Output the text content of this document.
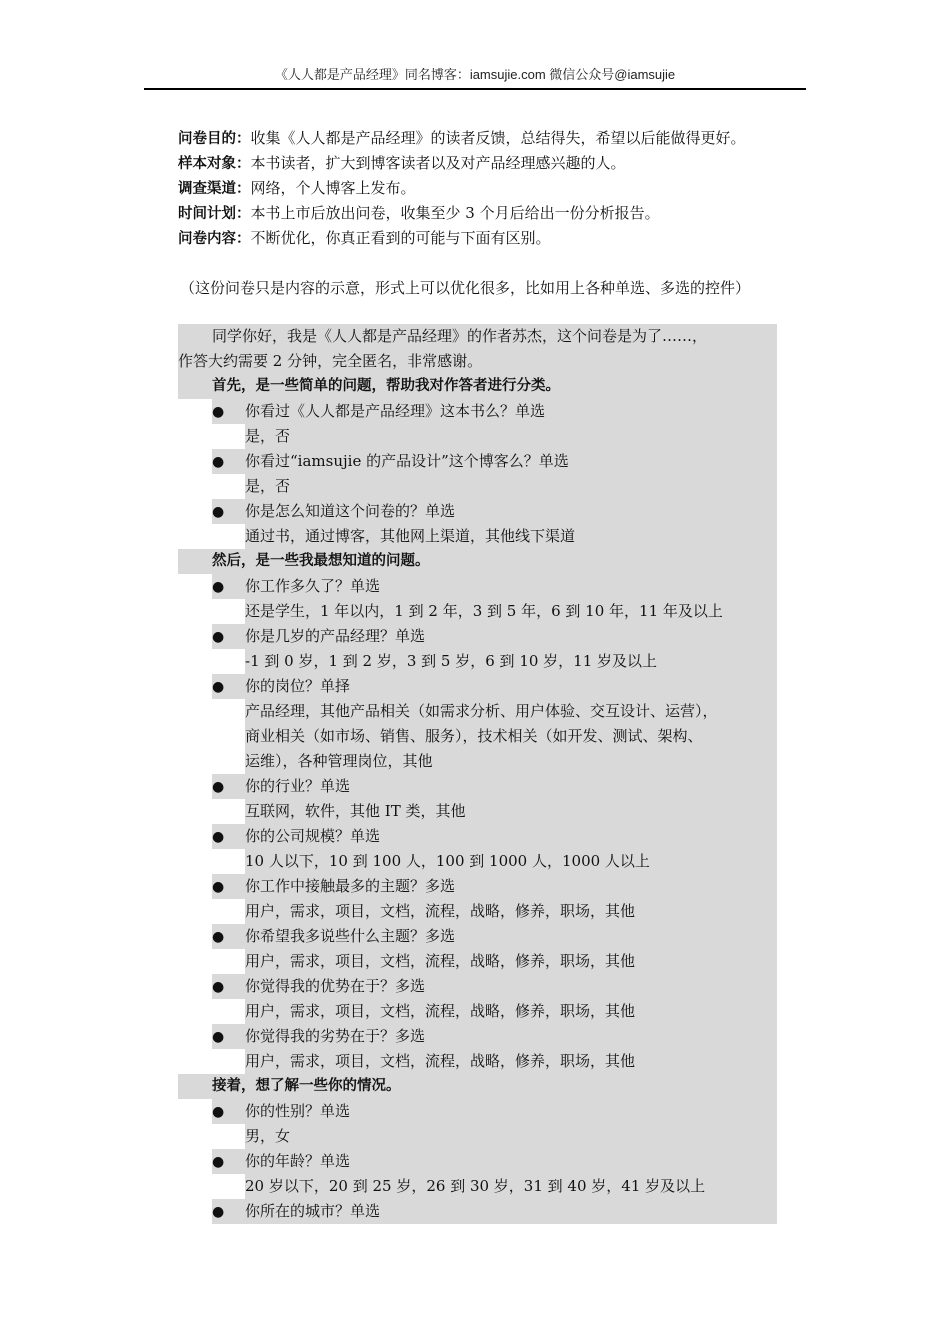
《人人都是产品经理》同名博客：iamsujie.com 微信公众号@iamsujie
问卷目的：收集《人人都是产品经理》的读者反馈，总结得失，希望以后能做得更好。
样本对象：本书读者，扩大到博客读者以及对产品经理感兴趣的人。
调查渠道：网络，个人博客上发布。
时间计划：本书上市后放出问卷，收集至少 3 个月后给出一份分析报告。
问卷内容：不断优化，你真正看到的可能与下面有区别。
（这份问卷只是内容的示意，形式上可以优化很多，比如用上各种单选、多选的控件）
同学你好，我是《人人都是产品经理》的作者苏杰，这个问卷是为了……，
作答大约需要 2 分钟，完全匿名，非常感谢。
首先，是一些简单的问题，帮助我对作答者进行分类。
●
你看过《人人都是产品经理》这本书么？单选
是，否
●
你看过“iamsujie 的产品设计”这个博客么？单选
是，否
●
你是怎么知道这个问卷的？单选
通过书，通过博客，其他网上渠道，其他线下渠道
然后，是一些我最想知道的问题。
●
你工作多久了？单选
还是学生，1 年以内，1 到 2 年，3 到 5 年，6 到 10 年，11 年及以上
●
你是几岁的产品经理？单选
-1 到 0 岁，1 到 2 岁，3 到 5 岁，6 到 10 岁，11 岁及以上
●
你的岗位？单择
产品经理，其他产品相关（如需求分析、用户体验、交互设计、运营），
商业相关（如市场、销售、服务），技术相关（如开发、测试、架构、
运维），各种管理岗位，其他
●
你的行业？单选
互联网，软件，其他 IT 类，其他
●
你的公司规模？单选
10 人以下，10 到 100 人，100 到 1000 人，1000 人以上
●
你工作中接触最多的主题？多选
用户，需求，项目，文档，流程，战略，修养，职场，其他
●
你希望我多说些什么主题？多选
用户，需求，项目，文档，流程，战略，修养，职场，其他
●
你觉得我的优势在于？多选
用户，需求，项目，文档，流程，战略，修养，职场，其他
●
你觉得我的劣势在于？多选
用户，需求，项目，文档，流程，战略，修养，职场，其他
接着，想了解一些你的情况。
●
你的性别？单选
男，女
●
你的年龄？单选
20 岁以下，20 到 25 岁，26 到 30 岁，31 到 40 岁，41 岁及以上
●
你所在的城市？单选
